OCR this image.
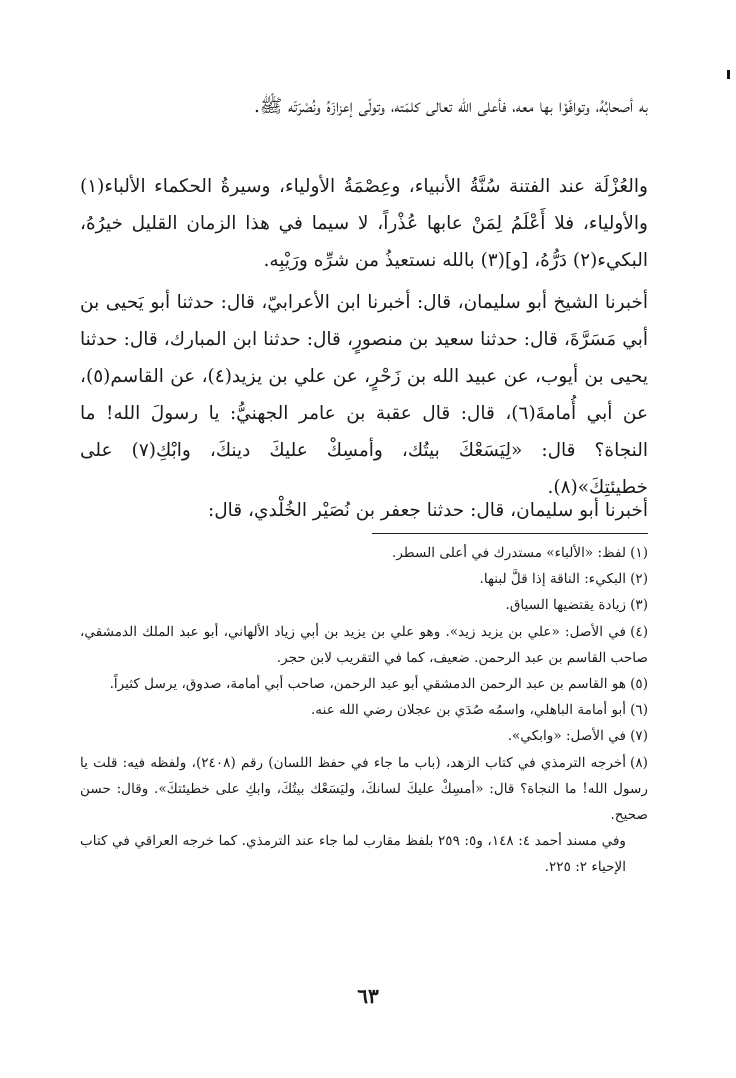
به أصحابُهُ، وتوافَوْا بها معه، فأعلى الله تعالى كلمَته، وتولّى إعزازَهُ ونُصْرَتَه ﷺ.

والعُزْلَة عند الفتنة سُنَّةُ الأنبياء، وعِصْمَةُ الأولياء، وسيرةُ الحكماء الألباء(١) والأولياء، فلا أَعْلَمُ لِمَنْ عابها عُذْراً، لا سيما في هذا الزمان القليل خيرُهُ، البكيء(٢) دَرُّهُ، [و](٣) بالله نستعيذُ من شرِّه ورَيْبِه.

أخبرنا الشيخ أبو سليمان، قال: أخبرنا ابن الأعرابيّ، قال: حدثنا أبو يَحيى بن أبي مَسَرَّةَ، قال: حدثنا سعيد بن منصورٍ، قال: حدثنا ابن المبارك، قال: حدثنا يحيى بن أيوب، عن عبيد الله بن زَحْرٍ، عن علي بن يزيد(٤)، عن القاسم(٥)، عن أبي أُمامةَ(٦)، قال: قال عقبة بن عامر الجهنيُّ: يا رسولَ الله! ما النجاة؟ قال: «لِيَسَعْكَ بيتُك، وأمسِكْ عليكَ دينكَ، وابْكِ(٧) على خطيئتِكَ»(٨).

أخبرنا أبو سليمان، قال: حدثنا جعفر بن نُصَيْر الخُلْدي، قال:

(١)لفظ: «الألباء» مستدرك في أعلى السطر.

(٢)البكيء: الناقة إذا قلَّ لبنها.

(٣)زيادة يقتضيها السياق.

(٤)في الأصل: «علي بن يزيد زيد». وهو علي بن يزيد بن أبي زياد الألهاني، أبو عبد الملك الدمشقي، صاحب القاسم بن عبد الرحمن. ضعيف، كما في التقريب لابن حجر.

(٥)هو القاسم بن عبد الرحمن الدمشقي أبو عبد الرحمن، صاحب أبي أمامة، صدوق، يرسل كثيراً.

(٦)أبو أمامة الباهلي، واسمُه صُدَي بن عجلان رضي الله عنه.

(٧)في الأصل: «وابكي».

(٨)أخرجه الترمذي في كتاب الزهد، (باب ما جاء في حفظ اللسان) رقم (٢٤٠٨)، ولفظه فيه: قلت يا رسول الله! ما النجاة؟ قال: «أمسِكْ عليكَ لسانكَ، وليَسَعْك بيتُكَ، وابكِ على خطيئتكَ». وقال: حسن صحيح.

وفي مسند أحمد ٤: ١٤٨، و٥: ٢٥٩ بلفظ مقارب لما جاء عند الترمذي. كما خرجه العراقي في كتاب الإحياء ٢: ٢٢٥.

٦٣
